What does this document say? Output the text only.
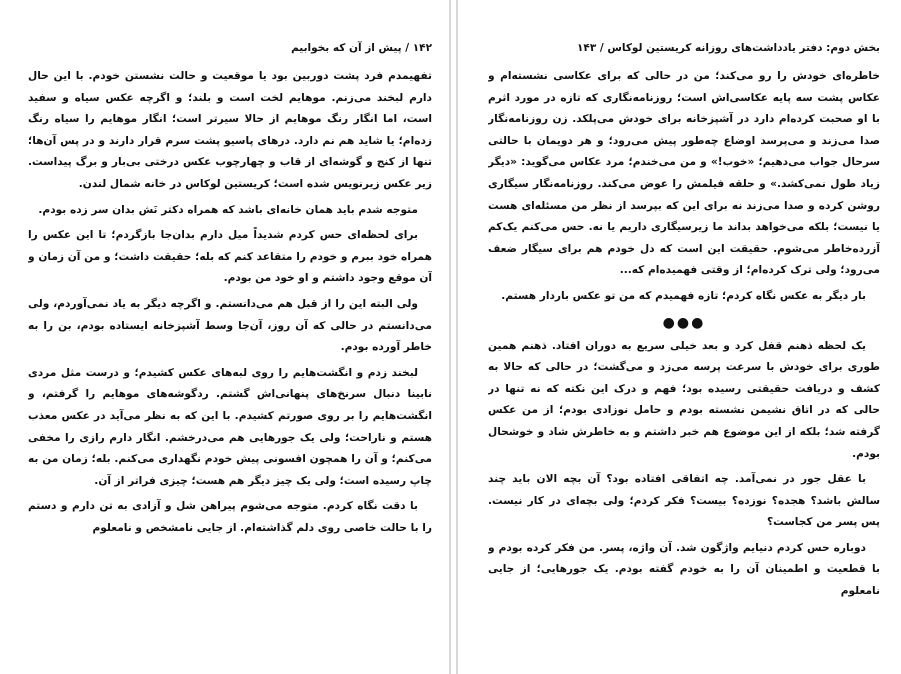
۱۴۲ / پیش از آن که بخوابیم

تفهیمدم فرد پشت دوربین بود یا موقعیت و حالت نشستن خودم. با این حال دارم لبخند می‌زنم. موهایم لخت است و بلند؛ و اگرچه عکس سیاه و سفید است، اما انگار رنگ موهایم از حالا سیرتر است؛ انگار موهایم را سیاه رنگ زده‌ام؛ یا شاید هم نم دارد. درهای پاسیو پشت سرم قرار دارند و در پس آن‌ها؛ تنها از کنج و گوشه‌ای از قاب و چهارچوب عکس درختی بی‌بار و برگ پیداست. زیر عکس زیرنویس شده است؛ کریستین لوکاس در خانه شمال لندن.

متوجه شدم باید همان خانه‌ای باشد که همراه دکتر نَش بدان سر زده بودم.

برای لحظه‌ای حس کردم شدیداً میل دارم بدان‌جا بازگردم؛ تا این عکس را همراه خود ببرم و خودم را متقاعد کنم که بله؛ حقیقت داشت؛ و من آن زمان و آن موقع وجود داشتم و او خود من بودم.

ولی البته این را از قبل هم می‌دانستم. و اگرچه دیگر به یاد نمی‌آوردم، ولی می‌دانستم در حالی که آن روز، آن‌جا وسط آشپزخانه ایستاده بودم، بن را به خاطر آورده بودم.

لبخند زدم و انگشت‌هایم را روی لبه‌های عکس کشیدم؛ و درست مثل مردی نابینا دنبال سرنخ‌های پنهانی‌اش گشتم. ردگوشه‌های موهایم را گرفتم، و انگشت‌هایم را بر روی صورتم کشیدم. با این که به نظر می‌آید در عکس معذب هستم و ناراحت؛ ولی یک جورهایی هم می‌درخشم. انگار دارم رازی را مخفی می‌کنم؛ و آن را همچون افسونی پیش خودم نگهداری می‌کنم. بله؛ زمان من به چاپ رسیده است؛ ولی یک چیز دیگر هم هست؛ چیزی فراتر از آن.

با دقت نگاه کردم. متوجه می‌شوم پیراهن شل و آزادی به تن دارم و دستم را با حالت خاصی روی دلم گذاشته‌ام. از جایی نامشخص و نامعلوم

بخش دوم: دفتر یادداشت‌های روزانه کریستین لوکاس / ۱۴۳

خاطره‌ای خودش را رو می‌کند؛ من در حالی که برای عکاسی نشسته‌ام و عکاس پشت سه پایه عکاسی‌اش است؛ روزنامه‌نگاری که تازه در مورد اثرم با او صحبت کرده‌ام دارد در آشپزخانه برای خودش می‌پلکد. زن روزنامه‌نگار صدا می‌زند و می‌پرسد اوضاع چه‌طور پیش می‌رود؛ و هر دو‌یمان با حالتی سرحال جواب می‌دهیم؛ «خوب!» و من می‌خندم؛ مرد عکاس می‌گوید: «دیگر زیاد طول نمی‌کشد.» و حلقه فیلمش را عوض می‌کند. روزنامه‌نگار سیگاری روشن کرده و صدا می‌زند نه برای این که بپرسد از نظر من مسئله‌ای هست یا نیست؛ بلکه می‌خواهد بداند ما زیرسیگاری داریم یا نه. حس می‌کنم یک‌کم آزرده‌خاطر می‌شوم. حقیقت این است که دل خودم هم برای سیگار ضعف می‌رود؛ ولی ترک کرده‌ام؛ از وقتی فهمیده‌ام که...

بار دیگر به عکس نگاه کردم؛ تازه فهمیدم که من تو عکس باردار هستم.

●●●

یک لحظه ذهنم قفل کرد و بعد خیلی سریع به دوران افتاد. ذهنم همین طوری برای خودش با سرعت پرسه می‌زد و می‌گشت؛ در حالی که حالا به کشف و دریافت حقیقتی رسیده بود؛ فهم و درک این نکته که نه تنها در حالی که در اتاق نشیمن نشسته بودم و حامل نوزادی بودم؛ از من عکس گرفته شد؛ بلکه از این موضوع هم خبر داشتم و به خاطرش شاد و خوشحال بودم.

با عقل جور در نمی‌آمد. چه اتفاقی افتاده بود؟ آن بچه الان باید چند سالش باشد؟ هجده؟ نوزده؟ بیست؟ فکر کردم؛ ولی بچه‌ای در کار نیست. پس پسر من کجاست؟

دوباره حس کردم دنیایم واژگون شد. آن واژه، پسر. من فکر کرده بودم و با قطعیت و اطمینان آن را به خودم گفته بودم. یک جورهایی؛ از جایی نامعلوم
